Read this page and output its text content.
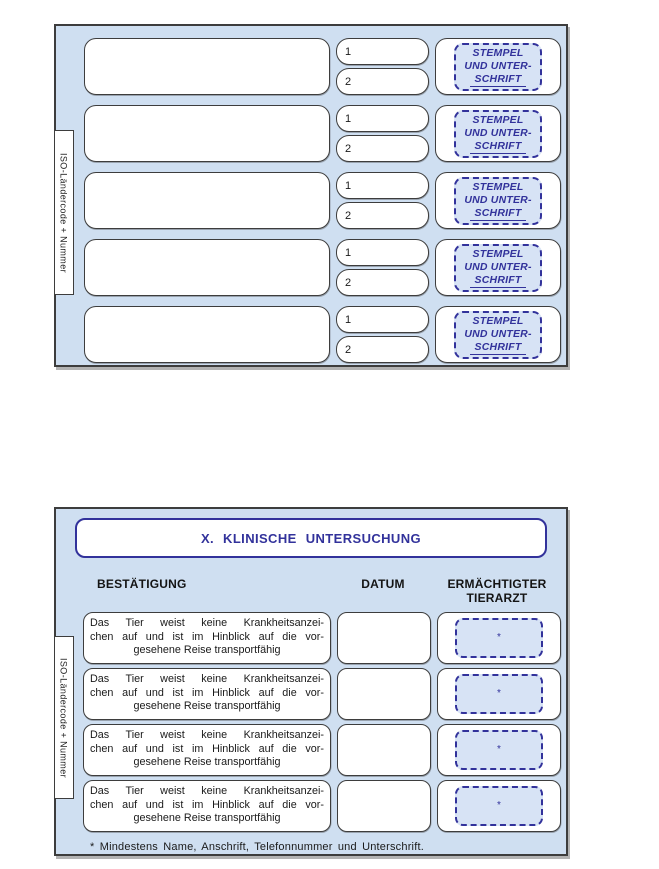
ISO-Ländercode + Nummer
1
2
STEMPEL
UND UNTER-
SCHRIFT
1
2
STEMPEL
UND UNTER-
SCHRIFT
1
2
STEMPEL
UND UNTER-
SCHRIFT
1
2
STEMPEL
UND UNTER-
SCHRIFT
1
2
STEMPEL
UND UNTER-
SCHRIFT
ISO-Ländercode + Nummer
X. KLINISCHE UNTERSUCHUNG
BESTÄTIGUNG	DATUM	ERMÄCHTIGTER
TIERARZT
Das Tier weist keine Krankheitsanzei-
chen auf und ist im Hinblick auf die vor-
gesehene Reise transportfähig
*
Das Tier weist keine Krankheitsanzei-
chen auf und ist im Hinblick auf die vor-
gesehene Reise transportfähig
*
Das Tier weist keine Krankheitsanzei-
chen auf und ist im Hinblick auf die vor-
gesehene Reise transportfähig
*
Das Tier weist keine Krankheitsanzei-
chen auf und ist im Hinblick auf die vor-
gesehene Reise transportfähig
*
* Mindestens Name, Anschrift, Telefonnummer und Unterschrift.
